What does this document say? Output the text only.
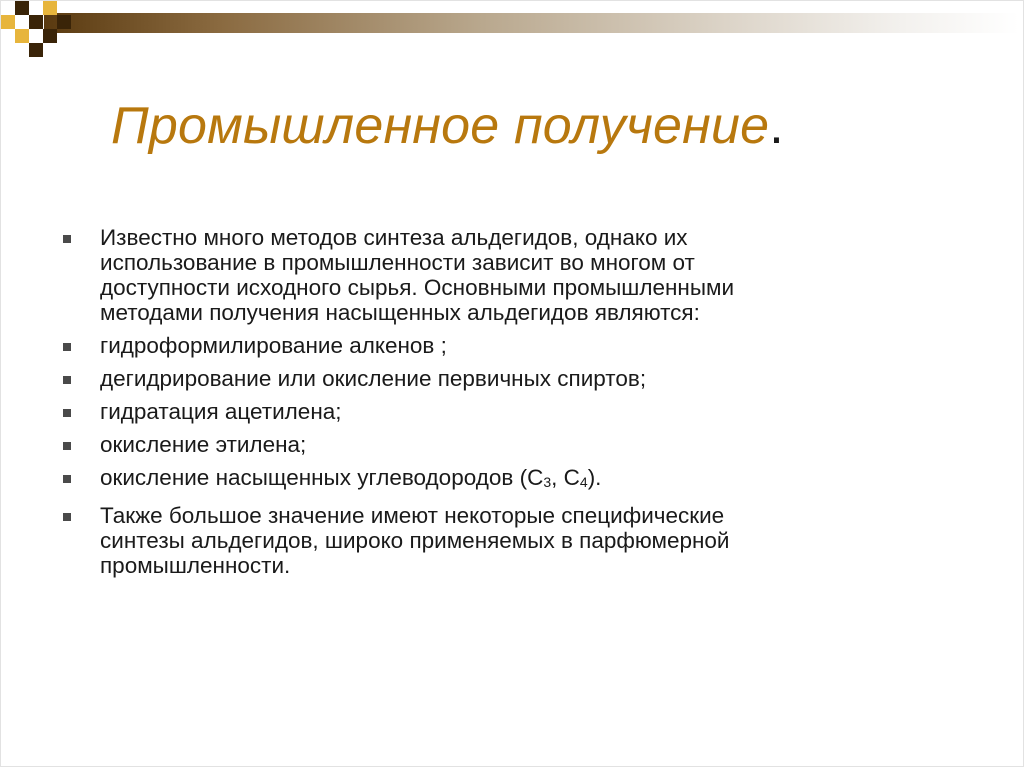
Промышленное получение.
Известно много методов синтеза альдегидов, однако их
использование в промышленности зависит во многом от
доступности исходного сырья. Основными промышленными
методами получения насыщенных альдегидов являются:
гидроформилирование алкенов ;
дегидрирование или окисление первичных спиртов;
гидратация ацетилена;
окисление этилена;
окисление насыщенных углеводородов ($С_3$, $С_4$).
Также большое значение имеют некоторые специфические
синтезы альдегидов, широко применяемых в парфюмерной
промышленности.
